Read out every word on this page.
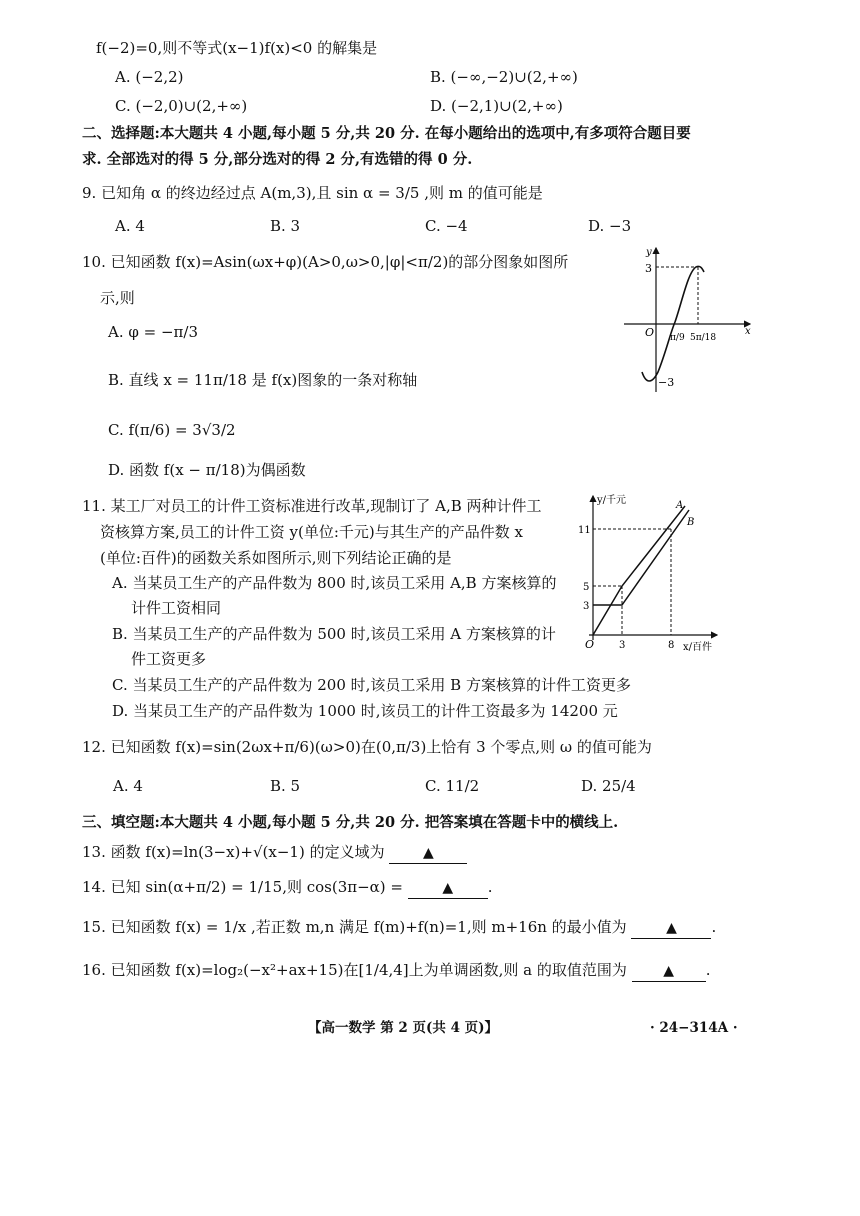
f(−2)=0,则不等式(x−1)f(x)<0 的解集是
A. (−2,2)	B. (−∞,−2)∪(2,+∞)
C. (−2,0)∪(2,+∞)	D. (−2,1)∪(2,+∞)
二、选择题:本大题共 4 小题,每小题 5 分,共 20 分. 在每小题给出的选项中,有多项符合题目要
求. 全部选对的得 5 分,部分选对的得 2 分,有选错的得 0 分.
9. 已知角 α 的终边经过点 A(m,3),且 sin α = 3/5 ,则 m 的值可能是
A. 4	B. 3	C. −4	D. −3
10. 已知函数 f(x)=Asin(ωx+φ)(A>0,ω>0,|φ|<π/2)的部分图象如图所
示,则
A. φ = −π/3
B. 直线 x = 11π/18 是 f(x)图象的一条对称轴
C. f(π/6) = 3√3/2
D. 函数 f(x − π/18)为偶函数
y
x
O
3
−3
π/9 5π/18
11. 某工厂对员工的计件工资标准进行改革,现制订了 A,B 两种计件工
资核算方案,员工的计件工资 y(单位:千元)与其生产的产品件数 x
(单位:百件)的函数关系如图所示,则下列结论正确的是
A. 当某员工生产的产品件数为 800 时,该员工采用 A,B 方案核算的
计件工资相同
B. 当某员工生产的产品件数为 500 时,该员工采用 A 方案核算的计
件工资更多
C. 当某员工生产的产品件数为 200 时,该员工采用 B 方案核算的计件工资更多
D. 当某员工生产的产品件数为 1000 时,该员工的计件工资最多为 14200 元
y/千元
x/百件
O
11
5
3
3	8
A
B
12. 已知函数 f(x)=sin(2ωx+π/6)(ω>0)在(0,π/3)上恰有 3 个零点,则 ω 的值可能为
A. 4	B. 5	C. 11/2	D. 25/4
三、填空题:本大题共 4 小题,每小题 5 分,共 20 分. 把答案填在答题卡中的横线上.
13. 函数 f(x)=ln(3−x)+√(x−1) 的定义域为	▲
14. 已知 sin(α+π/2) = 1/15,则 cos(3π−α) =	▲ .
15. 已知函数 f(x) = 1/x ,若正数 m,n 满足 f(m)+f(n)=1,则 m+16n 的最小值为	▲ .
16. 已知函数 f(x)=log₂(−x²+ax+15)在[1/4,4]上为单调函数,则 a 的取值范围为	▲ .
【高一数学 第 2 页(共 4 页)】	· 24−314A ·
